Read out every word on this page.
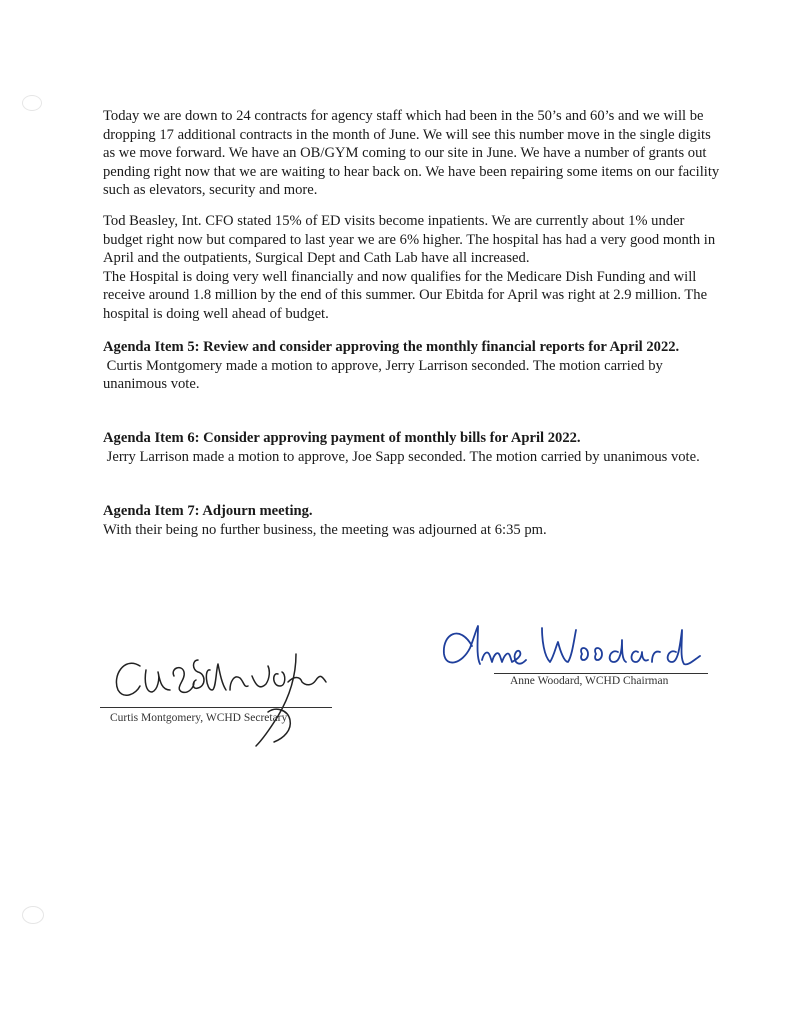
Today we are down to 24 contracts for agency staff which had been in the 50’s and 60’s and we will be dropping 17 additional contracts in the month of June. We will see this number move in the single digits as we move forward. We have an OB/GYM coming to our site in June. We have a number of grants out pending right now that we are waiting to hear back on. We have been repairing some items on our facility such as elevators, security and more.

Tod Beasley, Int. CFO stated 15% of ED visits become inpatients. We are currently about 1% under budget right now but compared to last year we are 6% higher. The hospital has had a very good month in April and the outpatients, Surgical Dept and Cath Lab have all increased.
The Hospital is doing very well financially and now qualifies for the Medicare Dish Funding and will receive around 1.8 million by the end of this summer. Our Ebitda for April was right at 2.9 million. The hospital is doing well ahead of budget.
Agenda Item 5: Review and consider approving the monthly financial reports for April 2022.

Curtis Montgomery made a motion to approve, Jerry Larrison seconded. The motion carried by unanimous vote.

Agenda Item 6: Consider approving payment of monthly bills for April 2022.

Jerry Larrison made a motion to approve, Joe Sapp seconded. The motion carried by unanimous vote.

Agenda Item 7: Adjourn meeting.

With their being no further business, the meeting was adjourned at 6:35 pm.

Anne Woodard, WCHD Chairman
Curtis Montgomery, WCHD Secretary
